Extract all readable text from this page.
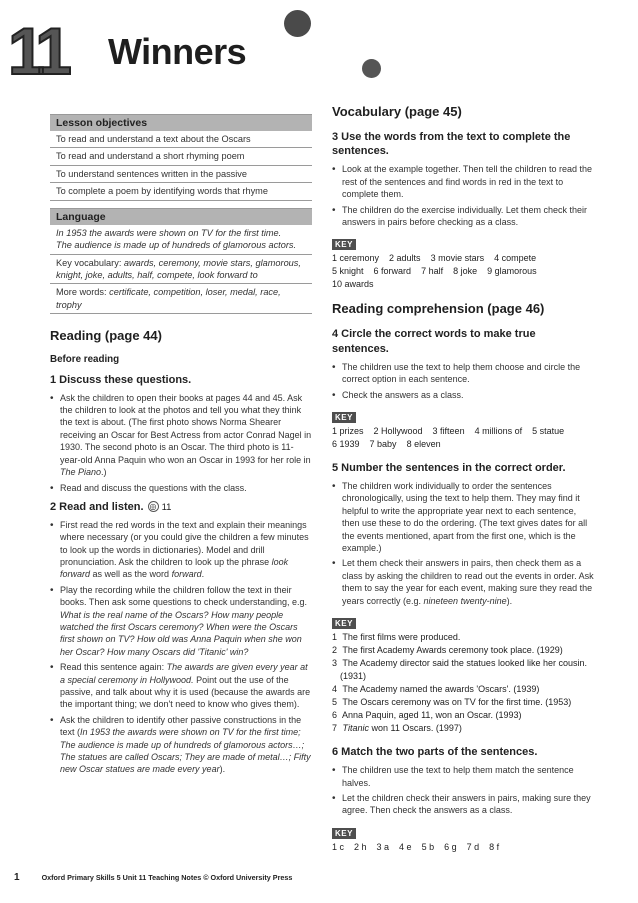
11 Winners
Lesson objectives
To read and understand a text about the Oscars
To read and understand a short rhyming poem
To understand sentences written in the passive
To complete a poem by identifying words that rhyme
Language
In 1953 the awards were shown on TV for the first time.
The audience is made up of hundreds of glamorous actors.
Key vocabulary: awards, ceremony, movie stars, glamorous, knight, joke, adults, half, compete, look forward to
More words: certificate, competition, loser, medal, race, trophy
Reading (page 44)
Before reading
1 Discuss these questions.
• Ask the children to open their books at pages 44 and 45. Ask the children to look at the photos and tell you what they think the text is about. (The first photo shows Norma Shearer receiving an Oscar for Best Actress from actor Conrad Nagel in 1930. The second photo is an Oscar. The third photo is 11-year-old Anna Paquin who won an Oscar in 1993 for her role in The Piano.)
• Read and discuss the questions with the class.
2 Read and listen. ◎ 11
• First read the red words in the text and explain their meanings where necessary (or you could give the children a few minutes to look up the words in dictionaries). Model and drill pronunciation. Ask the children to look up the phrase look forward as well as the word forward.
• Play the recording while the children follow the text in their books. Then ask some questions to check understanding, e.g. What is the real name of the Oscars? How many people watched the first Oscars ceremony? When were the Oscars first shown on TV? How old was Anna Paquin when she won her Oscar? How many Oscars did 'Titanic' win?
• Read this sentence again: The awards are given every year at a special ceremony in Hollywood. Point out the use of the passive, and talk about why it is used (because the awards are the important thing; we don't need to know who gives them).
• Ask the children to identify other passive constructions in the text (In 1953 the awards were shown on TV for the first time; The audience is made up of hundreds of glamorous actors…; The statues are called Oscars; They are made of metal…; Fifty new Oscar statues are made every year).
Vocabulary (page 45)
3 Use the words from the text to complete the sentences.
• Look at the example together. Then tell the children to read the rest of the sentences and find words in red in the text to complete them.
• The children do the exercise individually. Let them check their answers in pairs before checking as a class.
KEY
1 ceremony 2 adults 3 movie stars 4 compete
5 knight 6 forward 7 half 8 joke 9 glamorous
10 awards
Reading comprehension (page 46)
4 Circle the correct words to make true sentences.
• The children use the text to help them choose and circle the correct option in each sentence.
• Check the answers as a class.
KEY
1 prizes 2 Hollywood 3 fifteen 4 millions of 5 statue
6 1939 7 baby 8 eleven
5 Number the sentences in the correct order.
• The children work individually to order the sentences chronologically, using the text to help them. They may find it helpful to write the appropriate year next to each sentence, then use these to do the ordering. (The text gives dates for all the events mentioned, apart from the first one, which is the example.)
• Let them check their answers in pairs, then check them as a class by asking the children to read out the events in order. Ask them to say the year for each event, making sure they read the years correctly (e.g. nineteen twenty-nine).
KEY
1 The first films were produced.
2 The first Academy Awards ceremony took place. (1929)
3 The Academy director said the statues looked like her cousin. (1931)
4 The Academy named the awards 'Oscars'. (1939)
5 The Oscars ceremony was on TV for the first time. (1953)
6 Anna Paquin, aged 11, won an Oscar. (1993)
7 Titanic won 11 Oscars. (1997)
6 Match the two parts of the sentences.
• The children use the text to help them match the sentence halves.
• Let the children check their answers in pairs, making sure they agree. Then check the answers as a class.
KEY
1 c 2 h 3 a 4 e 5 b 6 g 7 d 8 f
1	Oxford Primary Skills 5 Unit 11 Teaching Notes © Oxford University Press
